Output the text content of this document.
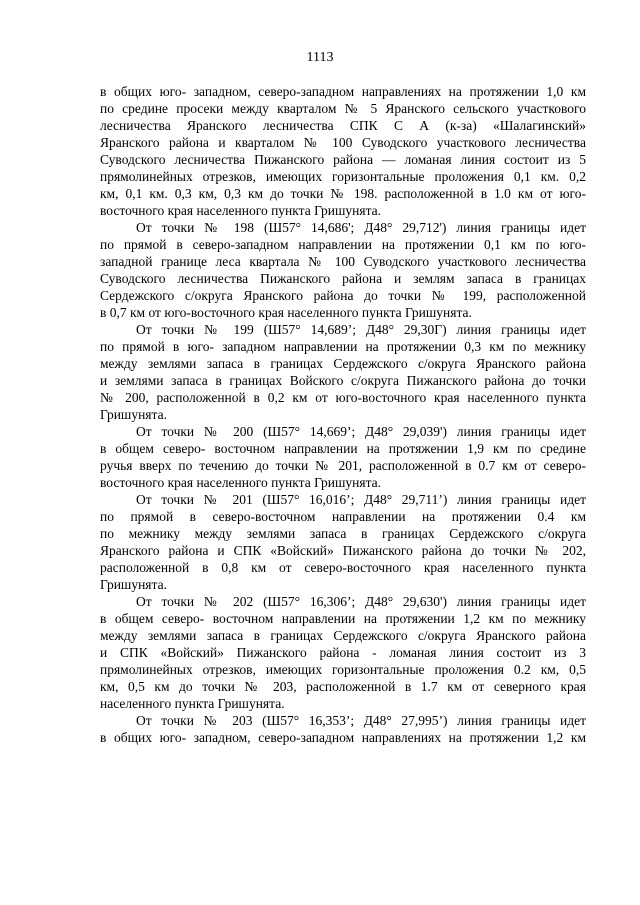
1113

в общих юго- западном, северо-западном направлениях на протяжении 1,0 км
по средине просеки между кварталом № 5 Яранского сельского участкового
лесничества Яранского лесничества СПК С А (к-за) «Шалагинский»
Яранского района и кварталом № 100 Суводского участкового лесничества
Суводского лесничества Пижанского района — ломаная линия состоит из 5
прямолинейных отрезков, имеющих горизонтальные проложения 0,1 км. 0,2
км, 0,1 км. 0,3 км, 0,3 км до точки № 198. расположенной в 1.0 км от юго-
восточного края населенного пункта Гришунята.

От точки № 198 (Ш57° 14,686'; Д48° 29,712') линия границы идет
по прямой в северо-западном направлении на протяжении 0,1 км по юго-
западной границе леса квартала № 100 Суводского участкового лесничества
Суводского лесничества Пижанского района и землям запаса в границах
Сердежского с/округа Яранского района до точки № 199, расположенной
в 0,7 км от юго-восточного края населенного пункта Гришунята.

От точки № 199 (Ш57° 14,689’; Д48° 29,30Г) линия границы идет
по прямой в юго- западном направлении на протяжении 0,3 км по межнику
между землями запаса в границах Сердежского с/округа Яранского района
и землями запаса в границах Войского с/округа Пижанского района до точки
№ 200, расположенной в 0,2 км от юго-восточного края населенного пункта
Гришунята.

От точки № 200 (Ш57° 14,669’; Д48° 29,039') линия границы идет
в общем северо- восточном направлении на протяжении 1,9 км по средине
ручья вверх по течению до точки № 201, расположенной в 0.7 км от северо-
восточного края населенного пункта Гришунята.

От точки № 201 (Ш57° 16,016’; Д48° 29,711’) линия границы идет
по прямой в северо-восточном направлении на протяжении 0.4 км
по межнику между землями запаса в границах Сердежского с/округа
Яранского района и СПК «Войский» Пижанского района до точки № 202,
расположенной в 0,8 км от северо-восточного края населенного пункта
Гришунята.

От точки № 202 (Ш57° 16,306’; Д48° 29,630') линия границы идет
в общем северо- восточном направлении на протяжении 1,2 км по межнику
между землями запаса в границах Сердежского с/округа Яранского района
и СПК «Войский» Пижанского района - ломаная линия состоит из 3
прямолинейных отрезков, имеющих горизонтальные проложения 0.2 км, 0,5
км, 0,5 км до точки № 203, расположенной в 1.7 км от северного края
населенного пункта Гришунята.

От точки № 203 (Ш57° 16,353’; Д48° 27,995’) линия границы идет
в общих юго- западном, северо-западном направлениях на протяжении 1,2 км
